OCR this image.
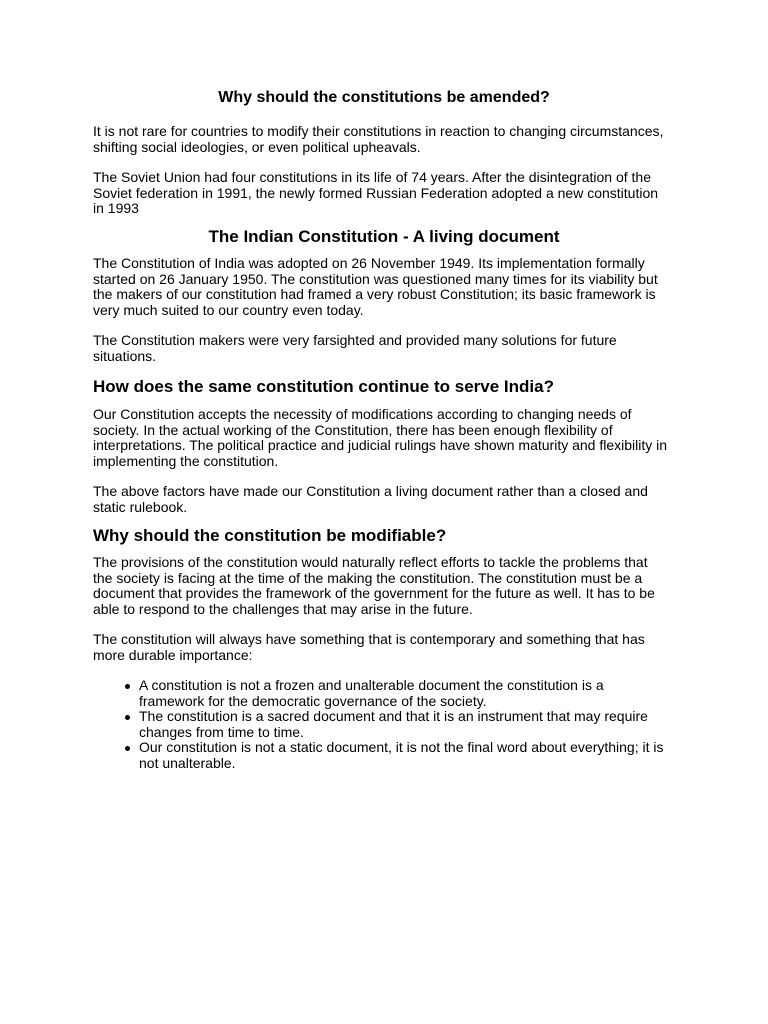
Why should the constitutions be amended?
It is not rare for countries to modify their constitutions in reaction to changing circumstances,
shifting social ideologies, or even political upheavals.
The Soviet Union had four constitutions in its life of 74 years. After the disintegration of the
Soviet federation in 1991, the newly formed Russian Federation adopted a new constitution
in 1993
The Indian Constitution - A living document
The Constitution of India was adopted on 26 November 1949. Its implementation formally
started on 26 January 1950. The constitution was questioned many times for its viability but
the makers of our constitution had framed a very robust Constitution; its basic framework is
very much suited to our country even today.
The Constitution makers were very farsighted and provided many solutions for future
situations.
How does the same constitution continue to serve India?
Our Constitution accepts the necessity of modifications according to changing needs of
society. In the actual working of the Constitution, there has been enough flexibility of
interpretations. The political practice and judicial rulings have shown maturity and flexibility in
implementing the constitution.
The above factors have made our Constitution a living document rather than a closed and
static rulebook.
Why should the constitution be modifiable?
The provisions of the constitution would naturally reflect efforts to tackle the problems that
the society is facing at the time of the making the constitution. The constitution must be a
document that provides the framework of the government for the future as well. It has to be
able to respond to the challenges that may arise in the future.
The constitution will always have something that is contemporary and something that has
more durable importance:
A constitution is not a frozen and unalterable document the constitution is a
framework for the democratic governance of the society.
The constitution is a sacred document and that it is an instrument that may require
changes from time to time.
Our constitution is not a static document, it is not the final word about everything; it is
not unalterable.
